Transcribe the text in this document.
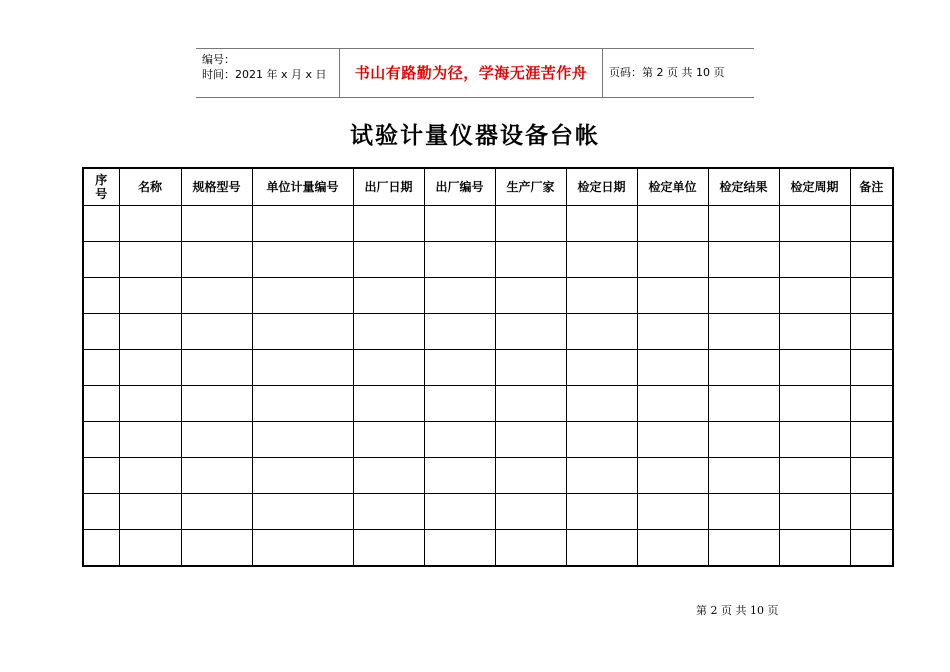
编号：
时间：2021 年 x 月 x 日	书山有路勤为径，学海无涯苦作舟	页码：第 2 页 共 10 页
试验计量仪器设备台帐
序号	名称	规格型号	单位计量编号	出厂日期	出厂编号	生产厂家	检定日期	检定单位	检定结果	检定周期	备注

第 2 页 共 10 页
